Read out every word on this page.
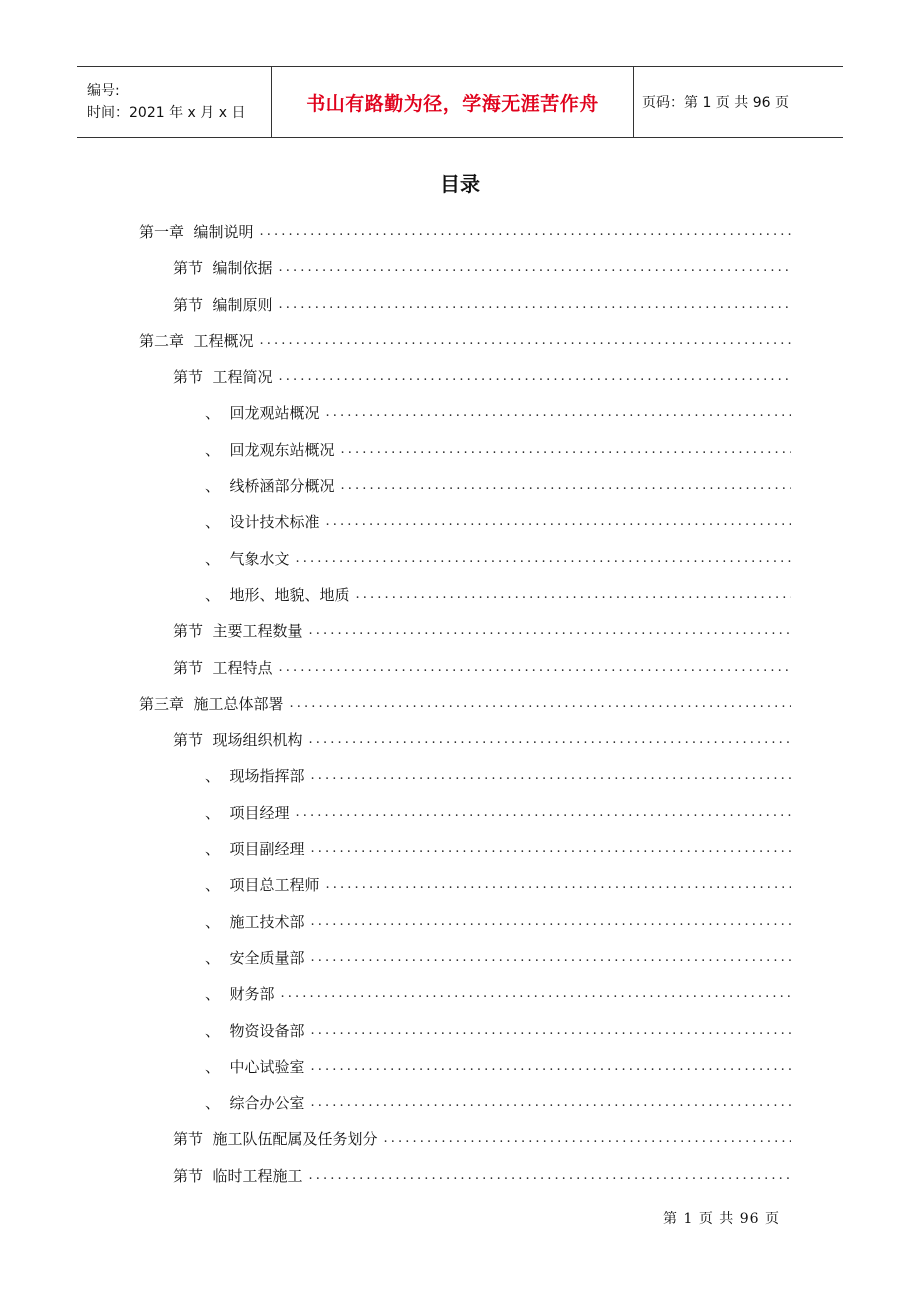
编号:
时间：2021 年 x 月 x 日	书山有路勤为径，学海无涯苦作舟	页码：第 1 页 共 96 页
目录
第一章  编制说明
.....
第节  编制依据
.....
第节  编制原则
.....
第二章  工程概况
.....
第节  工程简况
.....
、  回龙观站概况
.....
、  回龙观东站概况
.....
、  线桥涵部分概况
.....
、  设计技术标准
.....
、  气象水文
.....
、  地形、地貌、地质
.....
第节  主要工程数量
.....
第节  工程特点
.....
第三章  施工总体部署
.....
第节  现场组织机构
.....
、  现场指挥部
.....
、  项目经理
.....
、  项目副经理
.....
、  项目总工程师
.....
、  施工技术部
.....
、  安全质量部
.....
、  财务部
.....
、  物资设备部
.....
、  中心试验室
.....
、  综合办公室
.....
第节  施工队伍配属及任务划分
.....
第节  临时工程施工
.....
第 1 页 共 96 页
